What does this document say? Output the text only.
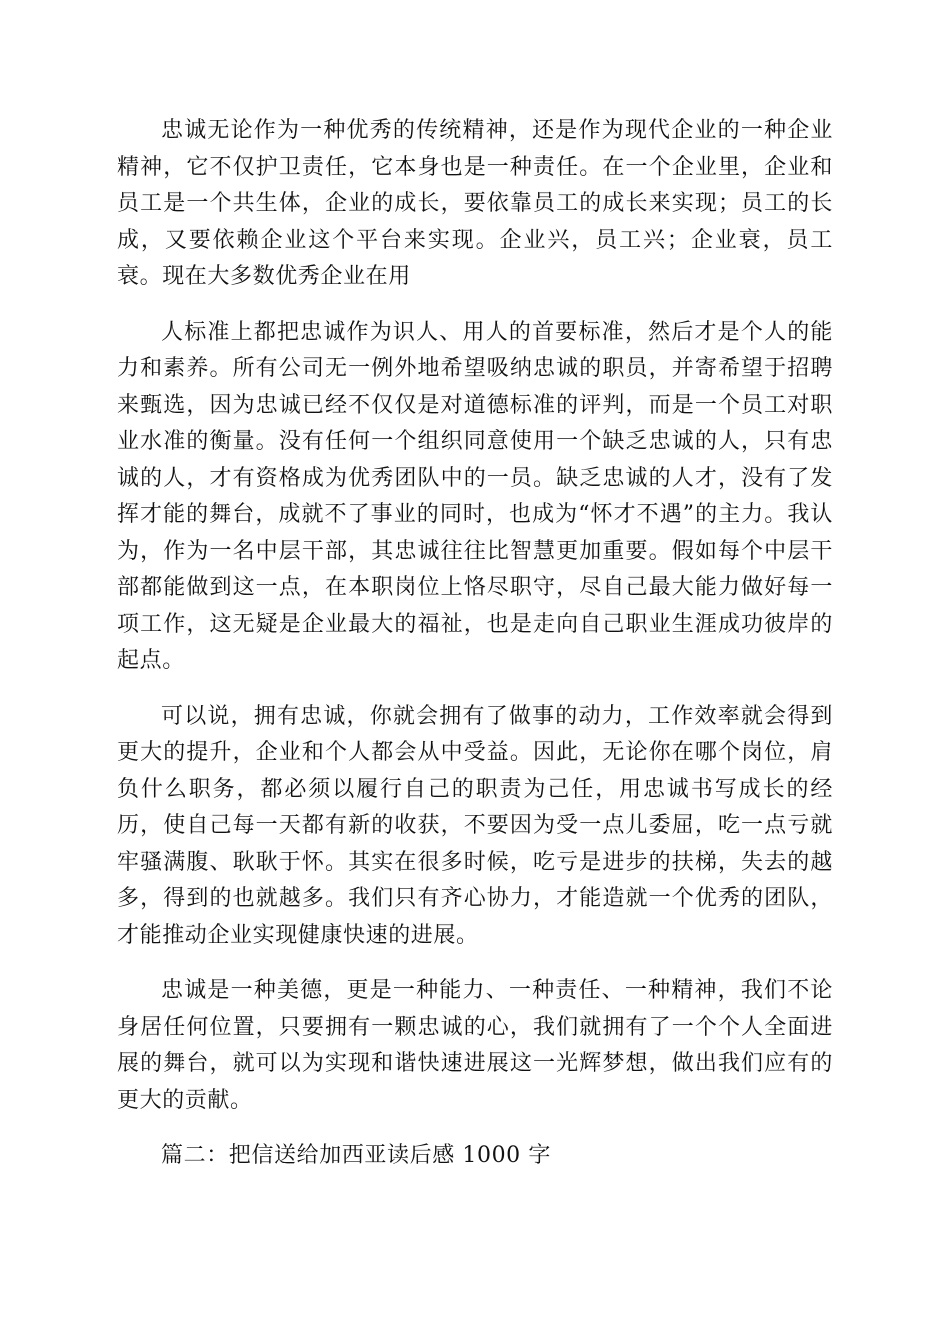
忠诚无论作为一种优秀的传统精神，还是作为现代企业的一种企业精神，它不仅护卫责任，它本身也是一种责任。在一个企业里，企业和员工是一个共生体，企业的成长，要依靠员工的成长来实现；员工的长成，又要依赖企业这个平台来实现。企业兴，员工兴；企业衰，员工衰。现在大多数优秀企业在用

人标准上都把忠诚作为识人、用人的首要标准，然后才是个人的能力和素养。所有公司无一例外地希望吸纳忠诚的职员，并寄希望于招聘来甄选，因为忠诚已经不仅仅是对道德标准的评判，而是一个员工对职业水准的衡量。没有任何一个组织同意使用一个缺乏忠诚的人，只有忠诚的人，才有资格成为优秀团队中的一员。缺乏忠诚的人才，没有了发挥才能的舞台，成就不了事业的同时，也成为“怀才不遇”的主力。我认为，作为一名中层干部，其忠诚往往比智慧更加重要。假如每个中层干部都能做到这一点，在本职岗位上恪尽职守，尽自己最大能力做好每一项工作，这无疑是企业最大的福祉，也是走向自己职业生涯成功彼岸的起点。

可以说，拥有忠诚，你就会拥有了做事的动力，工作效率就会得到更大的提升，企业和个人都会从中受益。因此，无论你在哪个岗位，肩负什么职务，都必须以履行自己的职责为己任，用忠诚书写成长的经历，使自己每一天都有新的收获，不要因为受一点儿委屈，吃一点亏就牢骚满腹、耿耿于怀。其实在很多时候，吃亏是进步的扶梯，失去的越多，得到的也就越多。我们只有齐心协力，才能造就一个优秀的团队，才能推动企业实现健康快速的进展。

忠诚是一种美德，更是一种能力、一种责任、一种精神，我们不论身居任何位置，只要拥有一颗忠诚的心，我们就拥有了一个个人全面进展的舞台，就可以为实现和谐快速进展这一光辉梦想，做出我们应有的更大的贡献。

篇二：把信送给加西亚读后感 1000 字
